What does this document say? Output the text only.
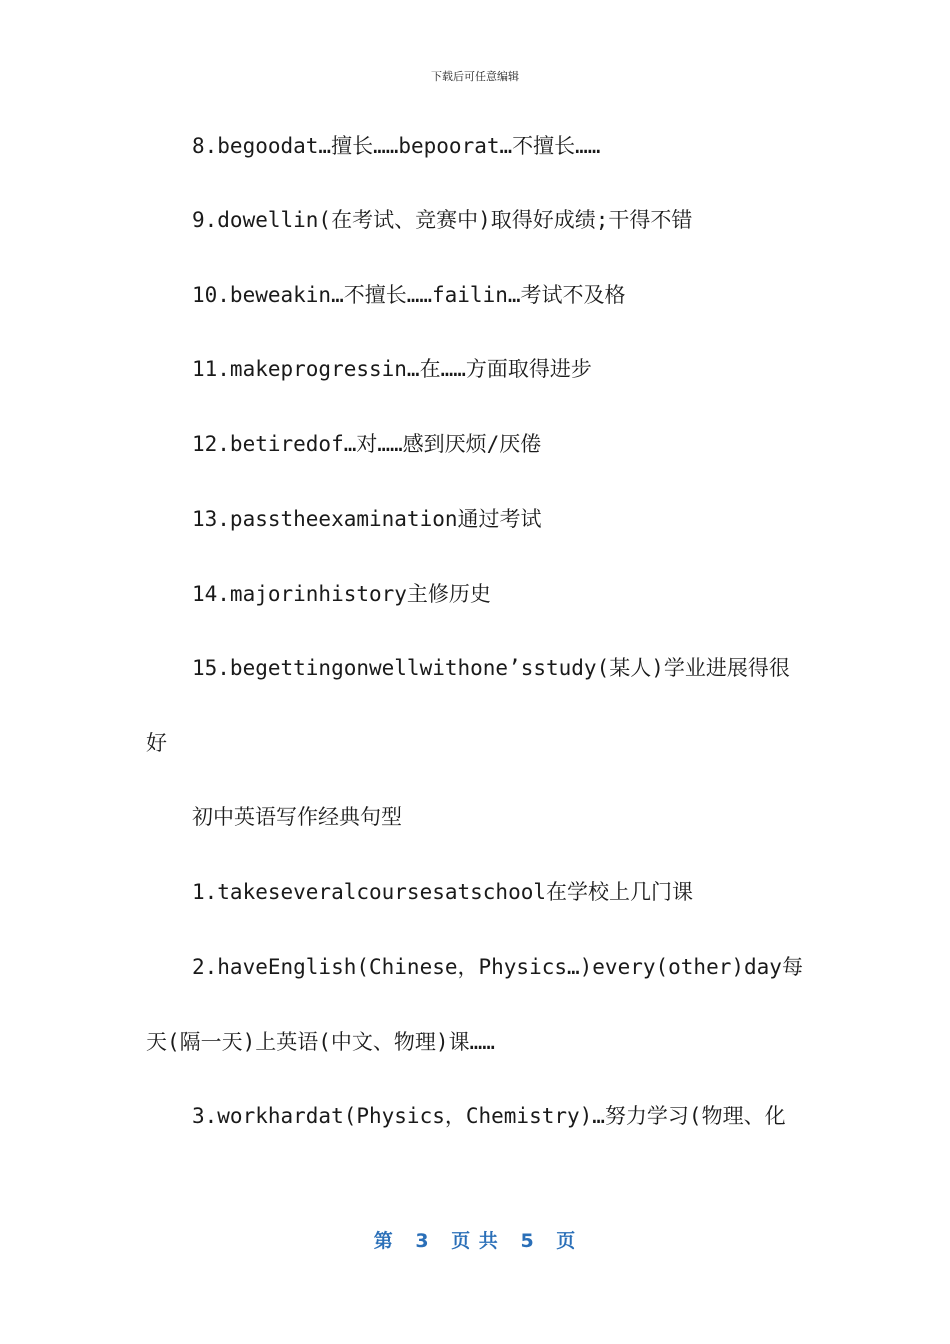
下载后可任意编辑
8.begoodat…擅长……bepoorat…不擅长……
9.dowellin(在考试、竞赛中)取得好成绩;干得不错
10.beweakin…不擅长……failin…考试不及格
11.makeprogressin…在……方面取得进步
12.betiredof…对……感到厌烦/厌倦
13.passtheexamination通过考试
14.majorinhistory主修历史
15.begettingonwellwithone’sstudy(某人)学业进展得很
好
初中英语写作经典句型
1.takeseveralcoursesatschool在学校上几门课
2.haveEnglish(Chinese，Physics…)every(other)day每
天(隔一天)上英语(中文、物理)课……
3.workhardat(Physics，Chemistry)…努力学习(物理、化
第 3 页 共 5 页
